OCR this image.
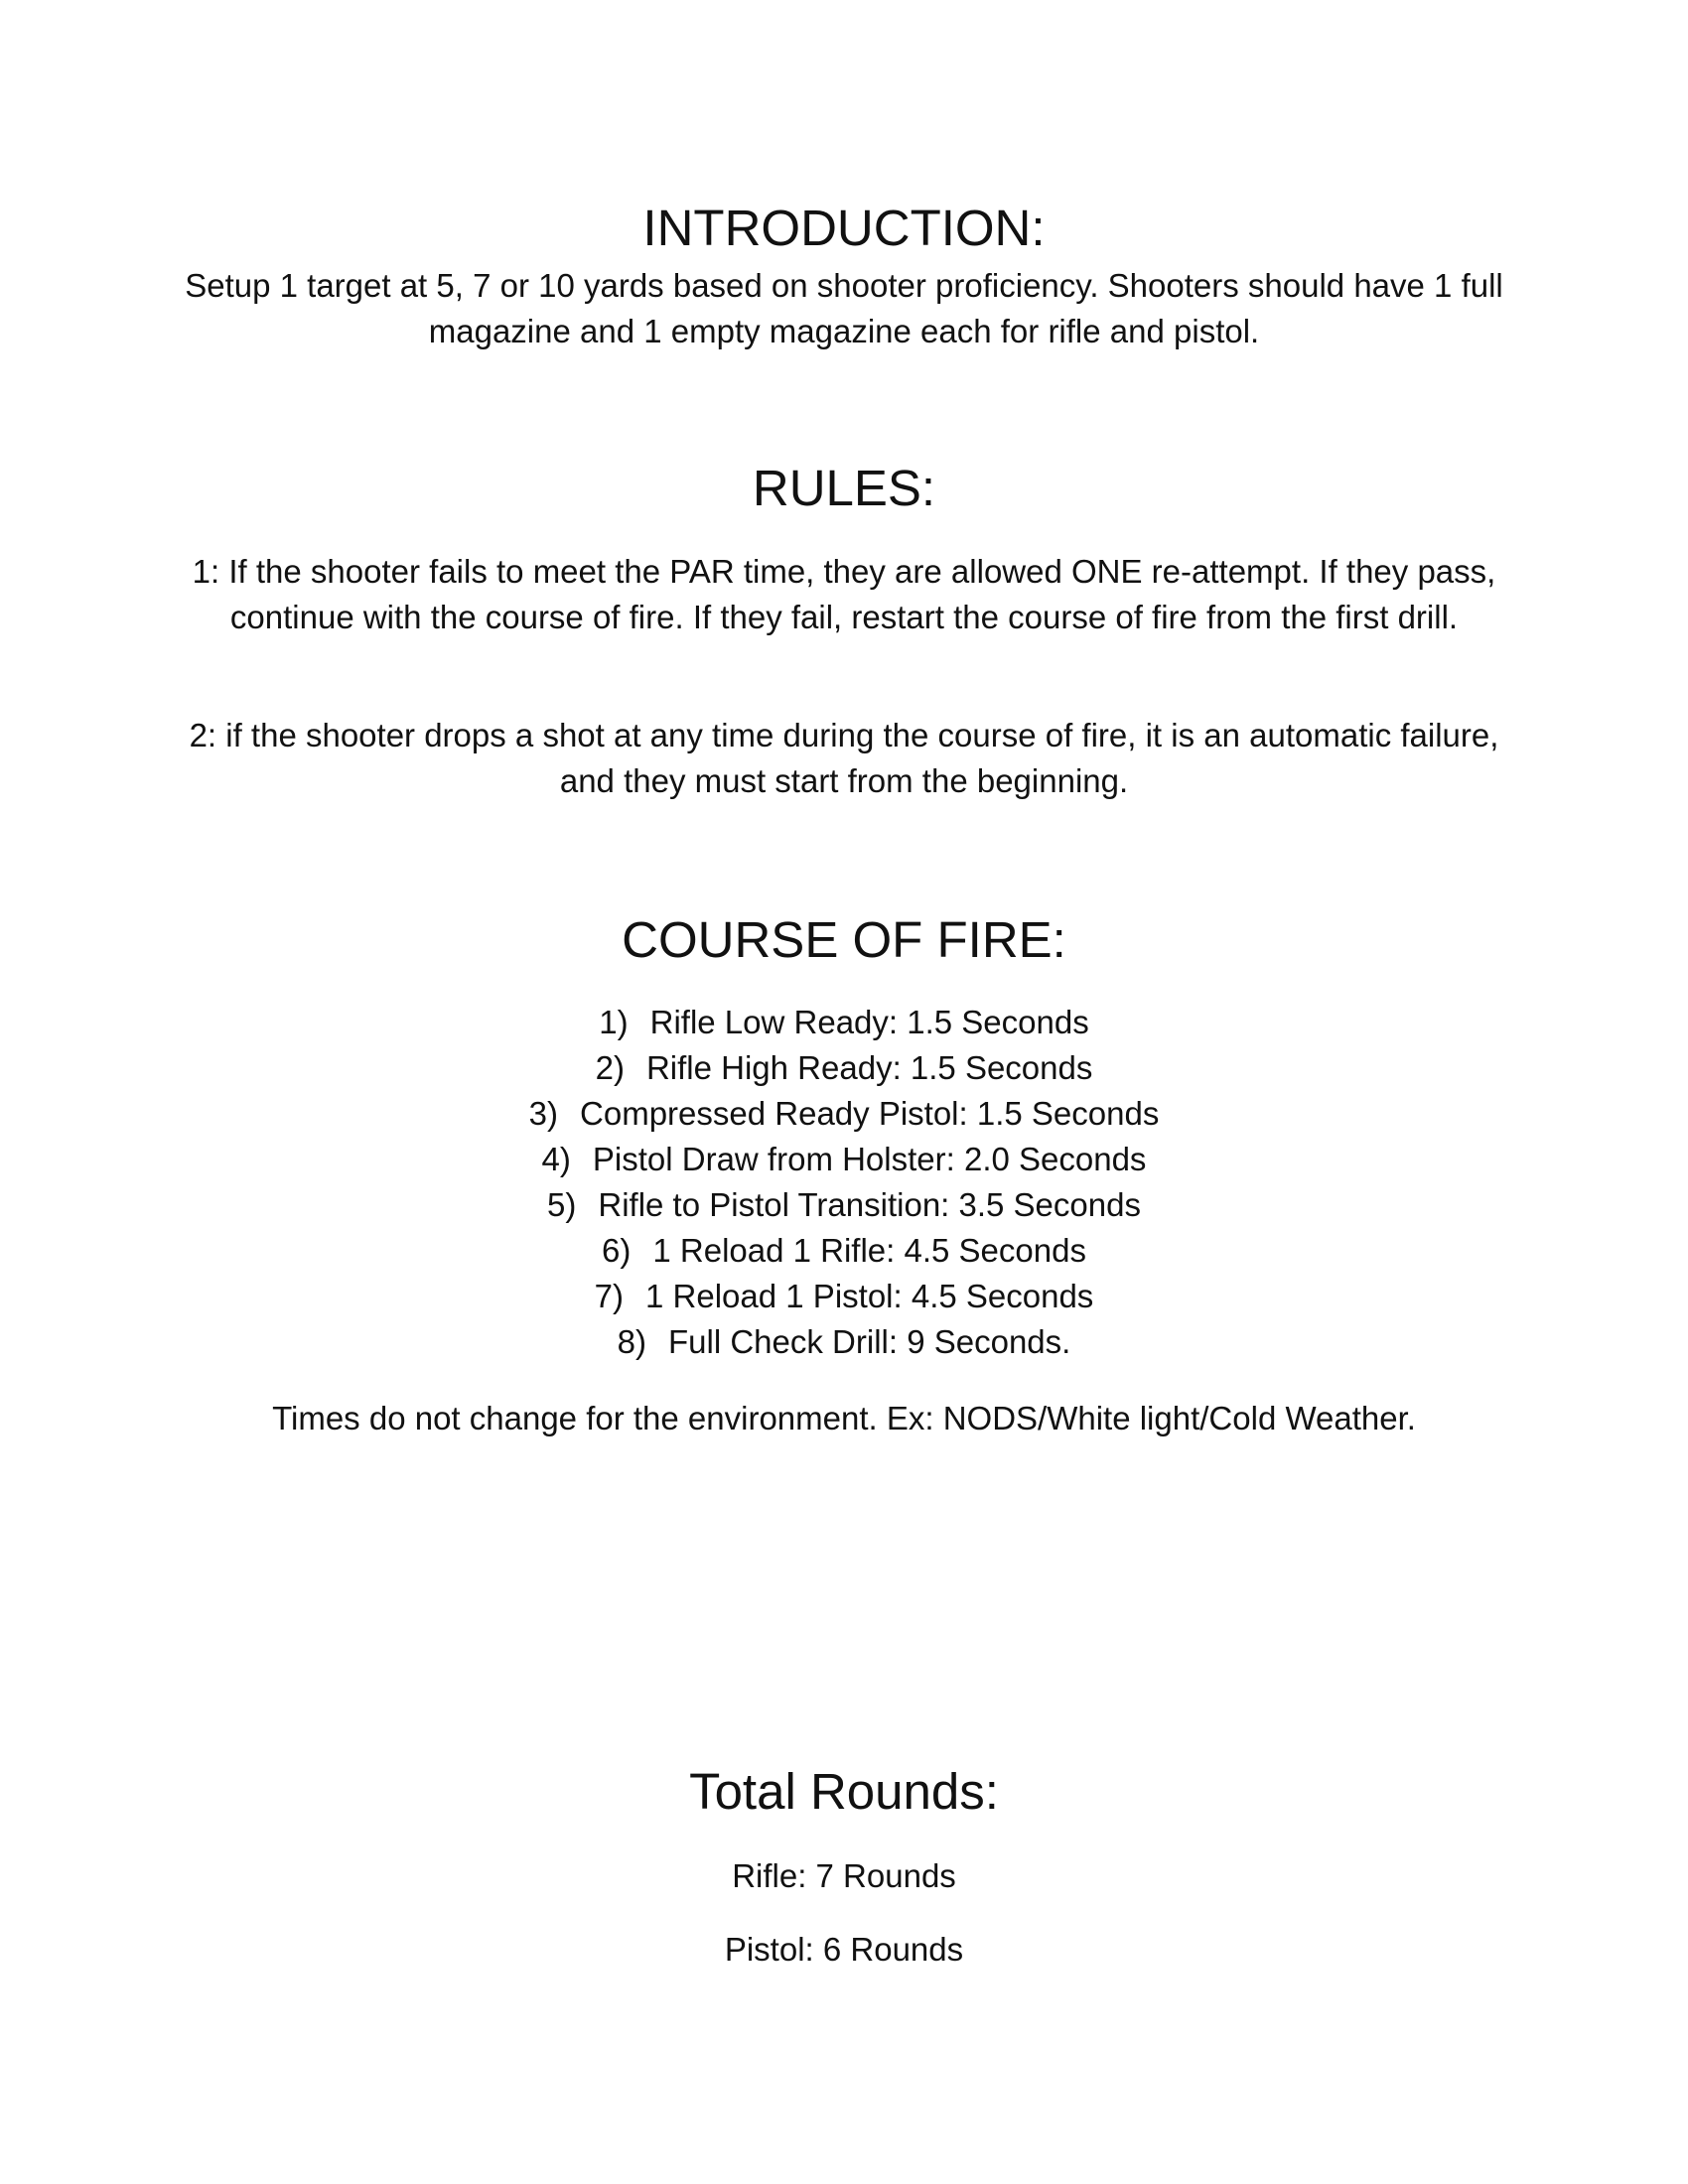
INTRODUCTION:

Setup 1 target at 5, 7 or 10 yards based on shooter proficiency. Shooters should have 1 full magazine and 1 empty magazine each for rifle and pistol.

RULES:

1: If the shooter fails to meet the PAR time, they are allowed ONE re-attempt. If they pass, continue with the course of fire. If they fail, restart the course of fire from the first drill.

2: if the shooter drops a shot at any time during the course of fire, it is an automatic failure, and they must start from the beginning.

COURSE OF FIRE:
1) Rifle Low Ready: 1.5 Seconds
2) Rifle High Ready: 1.5 Seconds
3) Compressed Ready Pistol: 1.5 Seconds
4) Pistol Draw from Holster: 2.0 Seconds
5) Rifle to Pistol Transition: 3.5 Seconds
6) 1 Reload 1 Rifle: 4.5 Seconds
7) 1 Reload 1 Pistol: 4.5 Seconds
8) Full Check Drill: 9 Seconds.

Times do not change for the environment. Ex: NODS/White light/Cold Weather.

Total Rounds:

Rifle: 7 Rounds

Pistol: 6 Rounds
